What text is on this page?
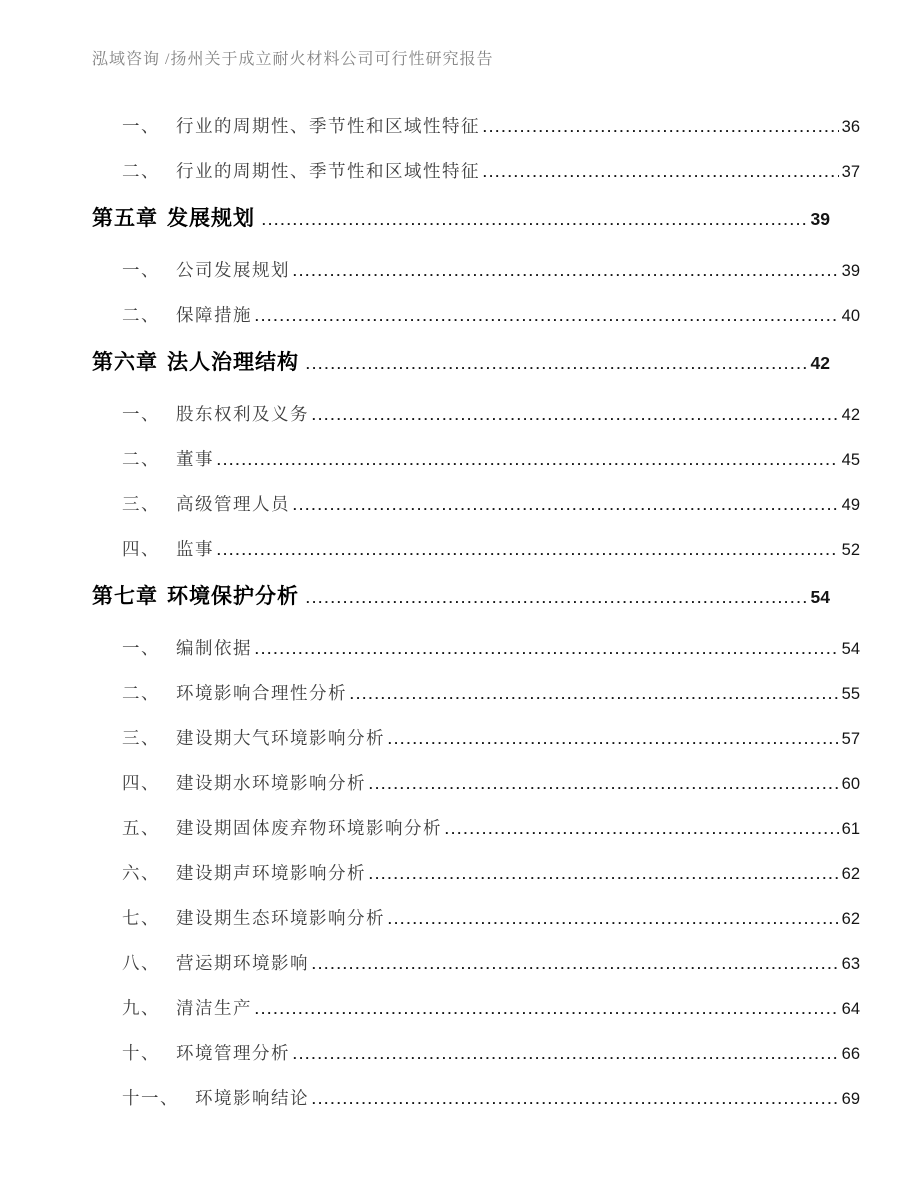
泓域咨询 /扬州关于成立耐火材料公司可行性研究报告
一、 行业的周期性、季节性和区域性特征 .....	36
二、 行业的周期性、季节性和区域性特征 .....	37
第五章 发展规划 .....	39
一、 公司发展规划 .....	39
二、 保障措施 .....	40
第六章 法人治理结构 .....	42
一、 股东权利及义务 .....	42
二、 董事 .....	45
三、 高级管理人员 .....	49
四、 监事 .....	52
第七章 环境保护分析 .....	54
一、 编制依据 .....	54
二、 环境影响合理性分析 .....	55
三、 建设期大气环境影响分析 .....	57
四、 建设期水环境影响分析 .....	60
五、 建设期固体废弃物环境影响分析 .....	61
六、 建设期声环境影响分析 .....	62
七、 建设期生态环境影响分析 .....	62
八、 营运期环境影响 .....	63
九、 清洁生产 .....	64
十、 环境管理分析 .....	66
十一、 环境影响结论 .....	69
